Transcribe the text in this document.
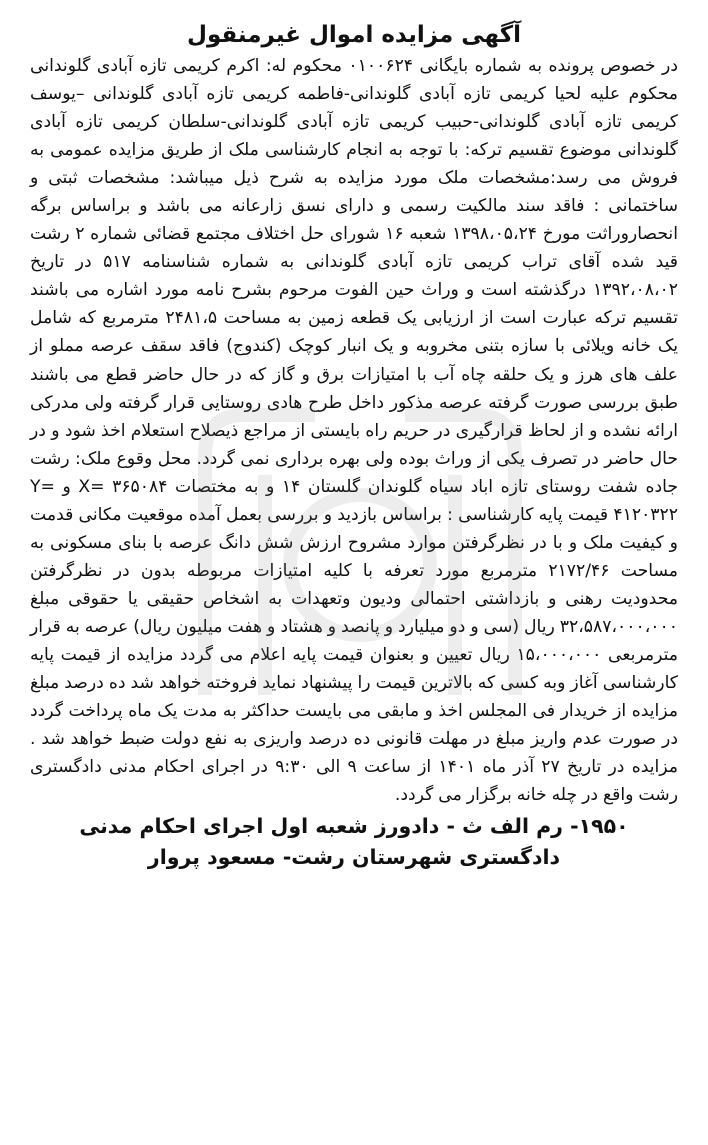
آگهی مزایده اموال غیرمنقول

در خصوص پرونده به شماره بایگانی ۰۱۰۰۶۲۴ محکوم له: اکرم کریمی تازه آبادی گلوندانی محکوم علیه لحیا کریمی تازه آبادی گلوندانی-فاطمه کریمی تازه آبادی گلوندانی –یوسف کریمی تازه آبادی گلوندانی-حبیب کریمی تازه آبادی گلوندانی-سلطان کریمی تازه آبادی گلوندانی موضوع تقسیم ترکه: با توجه به انجام کارشناسی ملک از طریق مزایده عمومی به فروش می رسد:مشخصات ملک مورد مزایده به شرح ذیل میباشد: مشخصات ثبتی و ساختمانی : فاقد سند مالکیت رسمی و دارای نسق زارعانه می باشد و براساس برگه انحصاروراثت مورخ ۱۳۹۸،۰۵،۲۴ شعبه ۱۶ شورای حل اختلاف مجتمع قضائی شماره ۲ رشت قید شده آقای تراب کریمی تازه آبادی گلوندانی به شماره شناسنامه ۵۱۷ در تاریخ ۱۳۹۲،۰۸،۰۲ درگذشته است و وراث حین الفوت مرحوم بشرح نامه مورد اشاره می باشند تقسیم ترکه عبارت است از ارزیابی یک قطعه زمین به مساحت ۲۴۸۱،۵ مترمربع که شامل یک خانه ویلائی با سازه بتنی مخروبه و یک انبار کوچک (کندوج) فاقد سقف عرصه مملو از علف های هرز و یک حلقه چاه آب با امتیازات برق و گاز که در حال حاضر قطع می باشند طبق بررسی صورت گرفته عرصه مذکور داخل طرح هادی روستایی قرار گرفته ولی مدرکی ارائه نشده و از لحاظ قرارگیری در حریم راه بایستی از مراجع ذیصلاح استعلام اخذ شود و در حال حاضر در تصرف یکی از وراث بوده ولی بهره برداری نمی گردد. محل وقوع ملک: رشت جاده شفت روستای تازه اباد سیاه گلوندان گلستان ۱۴ و به مختصات X= ۳۶۵۰۸۴ و Y= ۴۱۲۰۳۲۲ قیمت پایه کارشناسی : براساس بازدید و بررسی بعمل آمده موقعیت مکانی قدمت و کیفیت ملک و با در نظرگرفتن موارد مشروح ارزش شش دانگ عرصه با بنای مسکونی به مساحت ۲۱۷۲/۴۶ مترمربع مورد تعرفه با کلیه امتیازات مربوطه بدون در نظرگرفتن محدودیت رهنی و بازداشتی احتمالی ودیون وتعهدات به اشخاص حقیقی یا حقوقی مبلغ ۳۲،۵۸۷،۰۰۰،۰۰۰ ریال (سی و دو میلیارد و پانصد و هشتاد و هفت میلیون ریال) عرصه به قرار مترمربعی ۱۵،۰۰۰،۰۰۰ ریال تعیین و بعنوان قیمت پایه اعلام می گردد مزایده از قیمت پایه کارشناسی آغاز وبه کسی که بالاترین قیمت را پیشنهاد نماید فروخته خواهد شد ده درصد مبلغ مزایده از خریدار فی المجلس اخذ و مابقی می بایست حداکثر به مدت یک ماه پرداخت گردد در صورت عدم واریز مبلغ در مهلت قانونی ده درصد واریزی به نفع دولت ضبط خواهد شد . مزایده در تاریخ ۲۷ آذر ماه ۱۴۰۱ از ساعت ۹ الی ۹:۳۰ در اجرای احکام مدنی دادگستری رشت واقع در چله خانه برگزار می گردد.

۱۹۵۰- رم الف ث - دادورز شعبه اول اجرای احکام مدنی دادگستری شهرستان رشت- مسعود پروار
